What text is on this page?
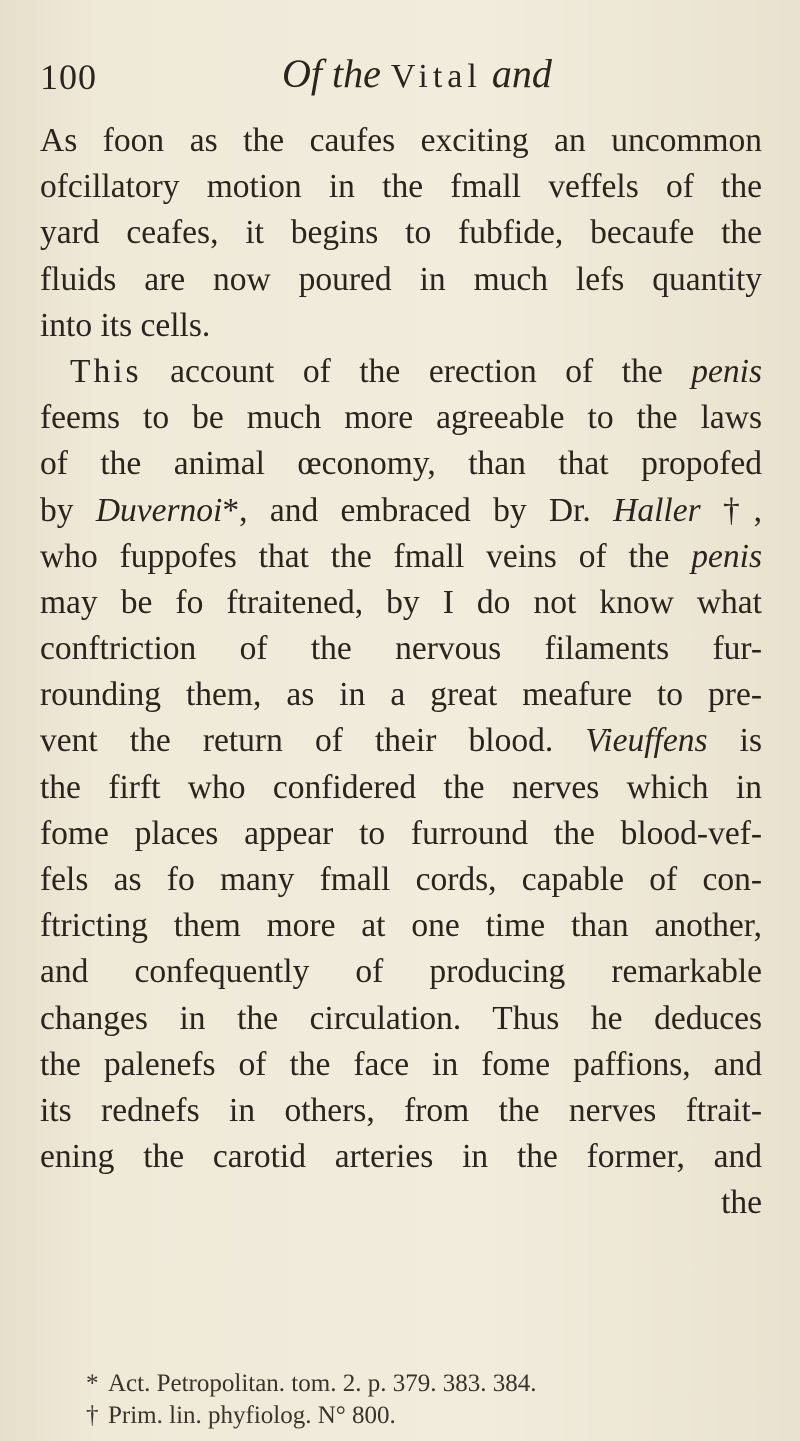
100	Of the Vital and
As foon as the caufes exciting an uncommon
ofcillatory motion in the fmall veffels of the
yard ceafes, it begins to fubfide, becaufe the
fluids are now poured in much lefs quantity
into its cells.
This account of the erection of the penis
feems to be much more agreeable to the laws
of the animal œconomy, than that propofed
by Duvernoi*, and embraced by Dr. Haller †,
who fuppofes that the fmall veins of the penis
may be fo ftraitened, by I do not know what
conftriction of the nervous filaments fur-
rounding them, as in a great meafure to pre-
vent the return of their blood. Vieuffens is
the firft who confidered the nerves which in
fome places appear to furround the blood-vef-
fels as fo many fmall cords, capable of con-
ftricting them more at one time than another,
and confequently of producing remarkable
changes in the circulation. Thus he deduces
the palenefs of the face in fome paffions, and
its rednefs in others, from the nerves ftrait-
ening the carotid arteries in the former, and
the
* Act. Petropolitan. tom. 2. p. 379. 383. 384.
† Prim. lin. phyfiolog. N° 800.
